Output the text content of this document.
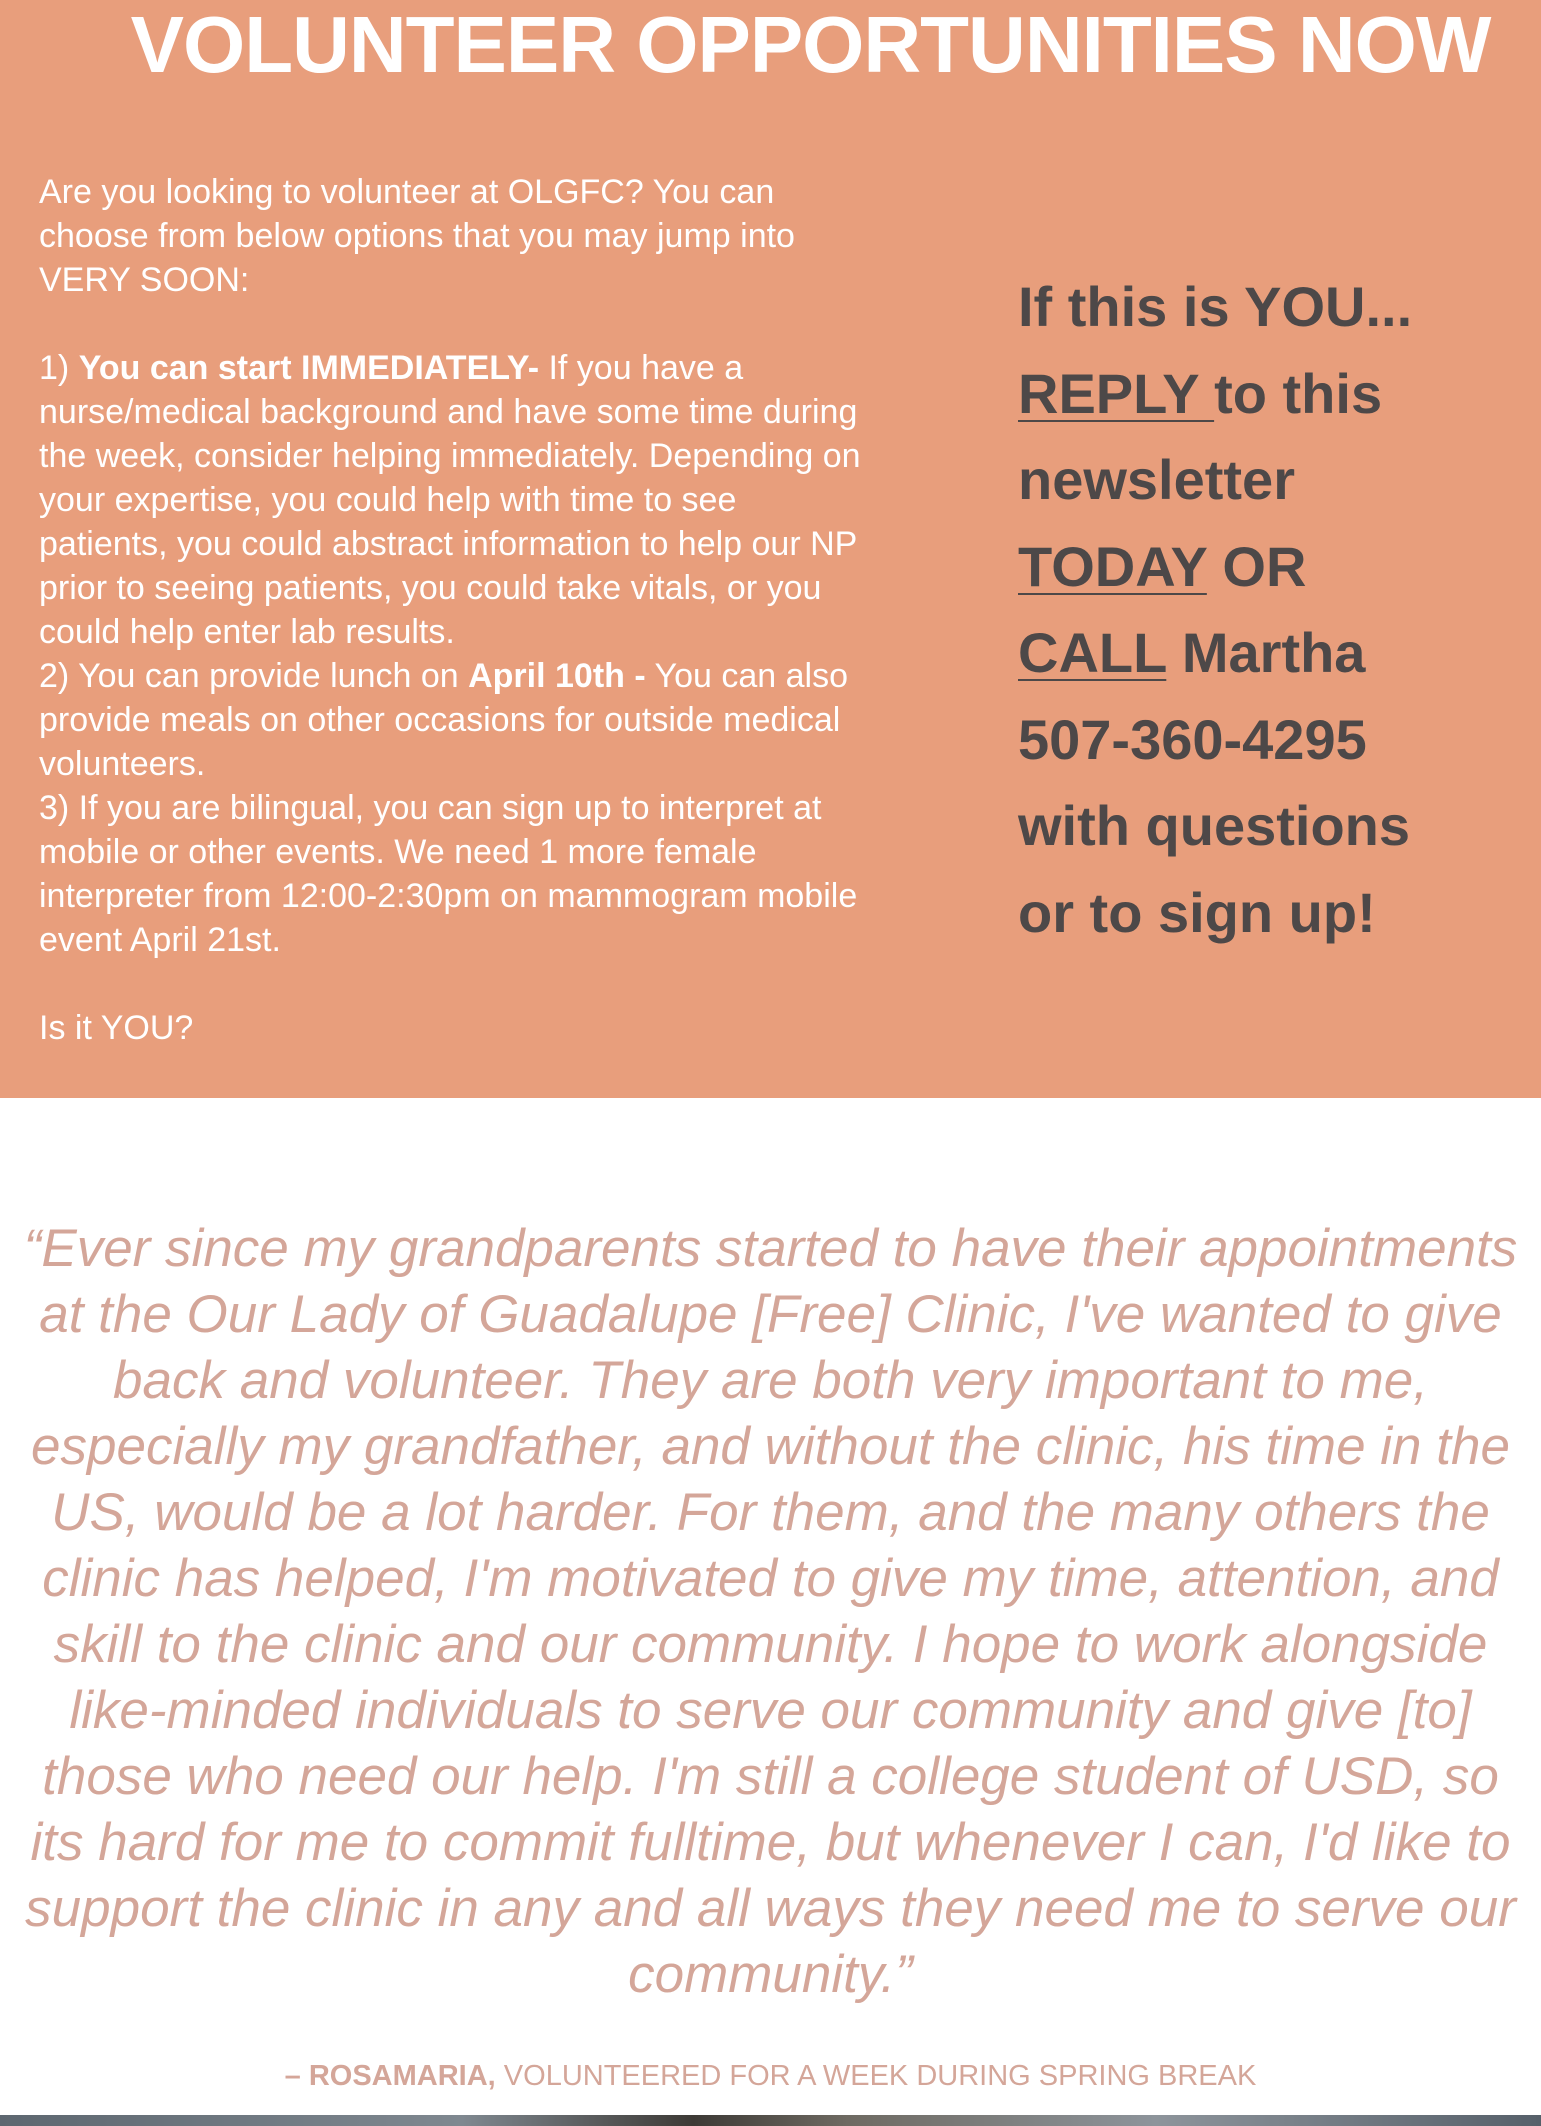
VOLUNTEER OPPORTUNITIES NOW

Are you looking to volunteer at OLGFC? You can choose from below options that you may jump into VERY SOON:

1) You can start IMMEDIATELY- If you have a nurse/medical background and have some time during the week, consider helping immediately. Depending on your expertise, you could help with time to see patients, you could abstract information to help our NP prior to seeing patients, you could take vitals, or you could help enter lab results.

2) You can provide lunch on April 10th - You can also provide meals on other occasions for outside medical volunteers.

3) If you are bilingual, you can sign up to interpret at mobile or other events. We need 1 more female interpreter from 12:00-2:30pm on mammogram mobile event April 21st.

Is it YOU?

If this is YOU...
REPLY to this
newsletter
TODAY OR
CALL Martha
507-360-4295
with questions
or to sign up!
“Ever since my grandparents started to have their appointments at the Our Lady of Guadalupe [Free] Clinic, I've wanted to give back and volunteer. They are both very important to me, especially my grandfather, and without the clinic, his time in the US, would be a lot harder. For them, and the many others the clinic has helped, I'm motivated to give my time, attention, and skill to the clinic and our community. I hope to work alongside like-minded individuals to serve our community and give [to] those who need our help. I'm still a college student of USD, so its hard for me to commit fulltime, but whenever I can, I'd like to support the clinic in any and all ways they need me to serve our community.”
– ROSAMARIA, VOLUNTEERED FOR A WEEK DURING SPRING BREAK
